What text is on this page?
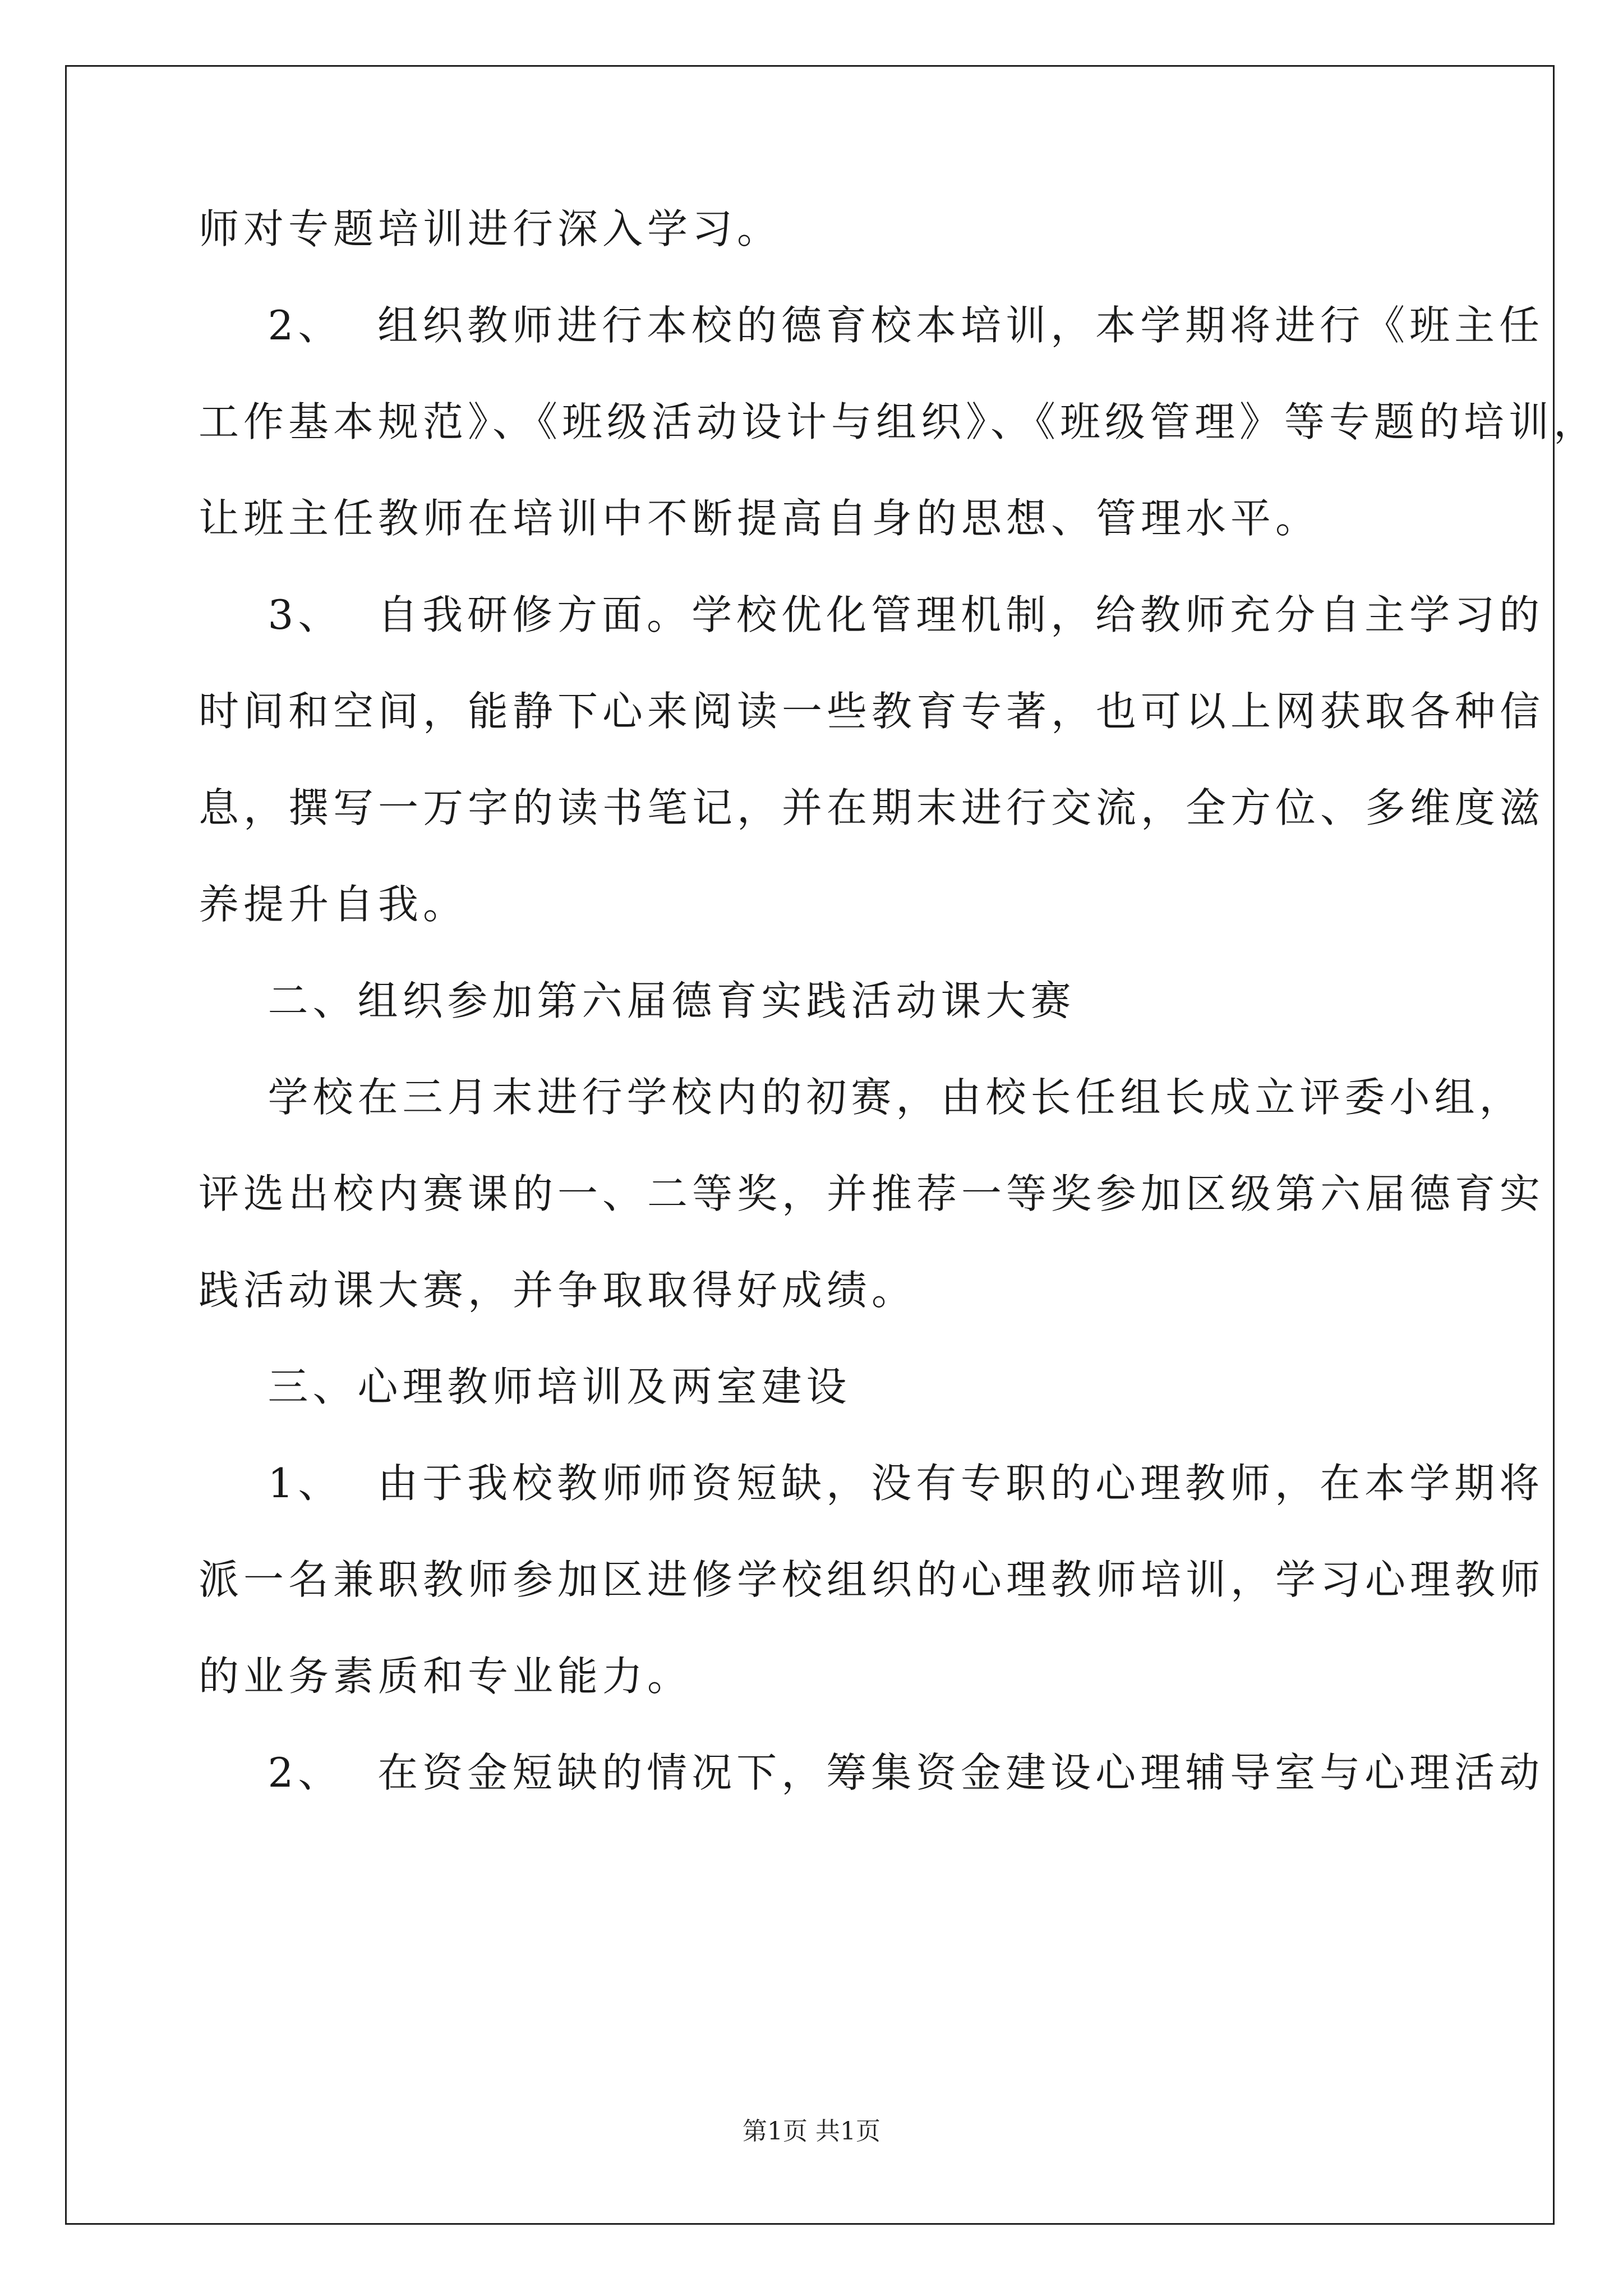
师对专题培训进行深入学习。
2、  组织教师进行本校的德育校本培训，本学期将进行《班主任
工作基本规范》、《班级活动设计与组织》、《班级管理》等专题的培训，
让班主任教师在培训中不断提高自身的思想、管理水平。
3、  自我研修方面。学校优化管理机制，给教师充分自主学习的
时间和空间，能静下心来阅读一些教育专著，也可以上网获取各种信
息，撰写一万字的读书笔记，并在期末进行交流，全方位、多维度滋
养提升自我。
二、组织参加第六届德育实践活动课大赛
学校在三月末进行学校内的初赛，由校长任组长成立评委小组，
评选出校内赛课的一、二等奖，并推荐一等奖参加区级第六届德育实
践活动课大赛，并争取取得好成绩。
三、心理教师培训及两室建设
1、  由于我校教师师资短缺，没有专职的心理教师，在本学期将
派一名兼职教师参加区进修学校组织的心理教师培训，学习心理教师
的业务素质和专业能力。
2、  在资金短缺的情况下，筹集资金建设心理辅导室与心理活动
第1页 共1页
